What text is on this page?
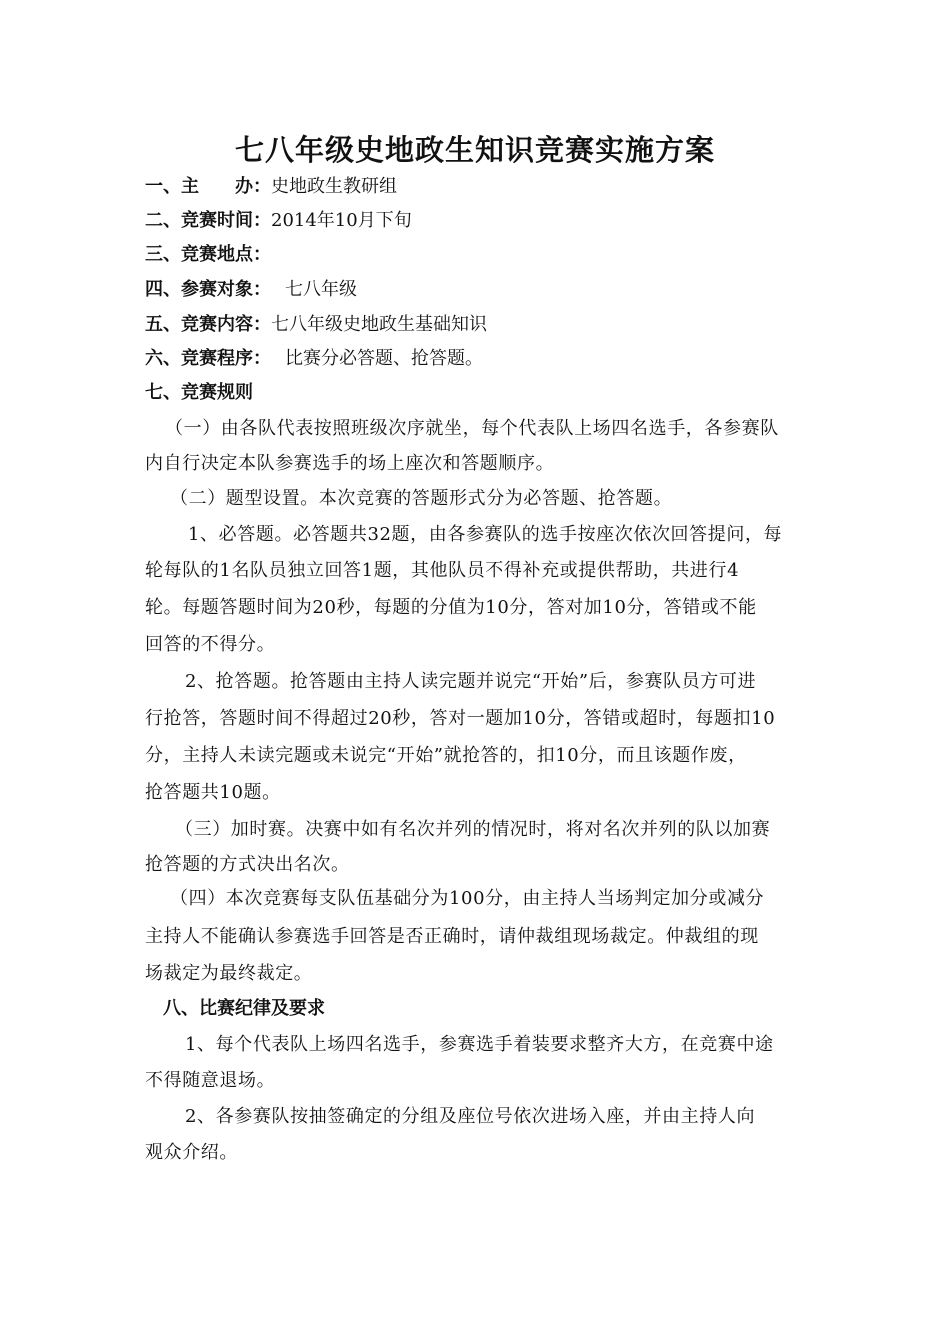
七八年级史地政生知识竞赛实施方案
一、主　　办：史地政生教研组
二、竞赛时间：2014年10月下旬
三、竞赛地点：
四、参赛对象： 七八年级
五、竞赛内容：七八年级史地政生基础知识
六、竞赛程序： 比赛分必答题、抢答题。
七、竞赛规则
（一）由各队代表按照班级次序就坐，每个代表队上场四名选手，各参赛队
内自行决定本队参赛选手的场上座次和答题顺序。
（二）题型设置。本次竞赛的答题形式分为必答题、抢答题。
1、必答题。必答题共32题，由各参赛队的选手按座次依次回答提问，每
轮每队的1名队员独立回答1题，其他队员不得补充或提供帮助，共进行4
轮。每题答题时间为20秒，每题的分值为10分，答对加10分，答错或不能
回答的不得分。
2、抢答题。抢答题由主持人读完题并说完“开始”后，参赛队员方可进
行抢答，答题时间不得超过20秒，答对一题加10分，答错或超时，每题扣10
分，主持人未读完题或未说完“开始”就抢答的，扣10分，而且该题作废，
抢答题共10题。
（三）加时赛。决赛中如有名次并列的情况时，将对名次并列的队以加赛
抢答题的方式决出名次。
（四）本次竞赛每支队伍基础分为100分，由主持人当场判定加分或减分
主持人不能确认参赛选手回答是否正确时，请仲裁组现场裁定。仲裁组的现
场裁定为最终裁定。
八、比赛纪律及要求
1、每个代表队上场四名选手，参赛选手着装要求整齐大方，在竞赛中途
不得随意退场。
2、各参赛队按抽签确定的分组及座位号依次进场入座，并由主持人向
观众介绍。
